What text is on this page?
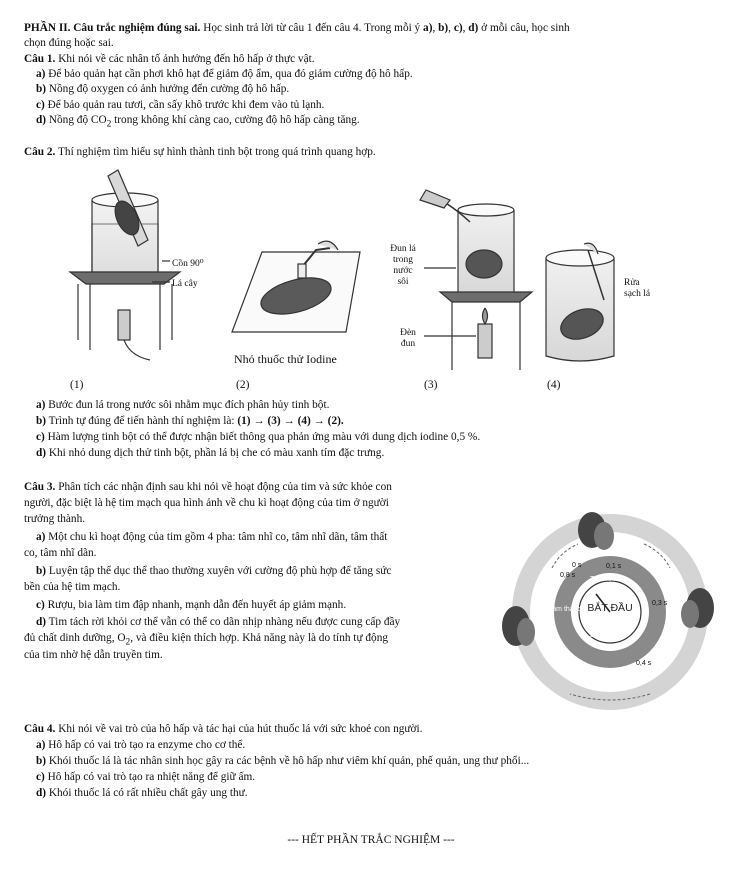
PHẦN II. Câu trắc nghiệm đúng sai. Học sinh trả lời từ câu 1 đến câu 4. Trong mỗi ý a), b), c), d) ở mỗi câu, học sinh
chọn đúng hoặc sai.
Câu 1. Khi nói về các nhân tố ảnh hưởng đến hô hấp ở thực vật.
a) Để bảo quản hạt cần phơi khô hạt để giảm độ ẩm, qua đó giảm cường độ hô hấp.
b) Nồng độ oxygen có ảnh hưởng đến cường độ hô hấp.
c) Để bảo quản rau tươi, cần sấy khô trước khi đem vào tủ lạnh.
d) Nồng độ $CO_2$ trong không khí càng cao, cường độ hô hấp càng tăng.
Câu 2. Thí nghiệm tìm hiểu sự hình thành tinh bột trong quá trình quang hợp.
Cồn 90⁰
Lá cây
Nhỏ thuốc thử Iodine
Đun lá
trong
nước
sôi
Đèn
đun
Rửa
sạch lá
(1)	(2)	(3)	(4)
a) Bước đun lá trong nước sôi nhằm mục đích phân hủy tinh bột.
b) Trình tự đúng để tiến hành thí nghiệm là: (1) → (3) → (4) → (2).
c) Hàm lượng tinh bột có thể được nhận biết thông qua phản ứng màu với dung dịch iodine 0,5 %.
d) Khi nhỏ dung dịch thử tinh bột, phần lá bị che có màu xanh tím đặc trưng.
Câu 3. Phân tích các nhận định sau khi nói về hoạt động của tim và sức khỏe con
người, đặc biệt là hệ tim mạch qua hình ảnh về chu kì hoạt động của tim ở người
trưởng thành.
a) Một chu kì hoạt động của tim gồm 4 pha: tâm nhĩ co, tâm nhĩ dãn, tâm thất
co, tâm nhĩ dãn.
b) Luyện tập thể dục thể thao thường xuyên với cường độ phù hợp để tăng sức
bền của hệ tim mạch.
c) Rượu, bia làm tim đập nhanh, mạnh dẫn đến huyết áp giảm mạnh.
d) Tim tách rời khỏi cơ thể vẫn có thể co dãn nhịp nhàng nếu được cung cấp đầy
đủ chất dinh dưỡng, $O_2$, và điều kiện thích hợp. Khả năng này là do tính tự động
của tim nhờ hệ dẫn truyền tim.
BẮT ĐẦU
Tâm nhĩ co
Dãn chung
Tâm thất co
0,1 s
0,3 s
0,4 s
0,8 s
0 s
Câu 4. Khi nói về vai trò của hô hấp và tác hại của hút thuốc lá với sức khoẻ con người.
a) Hô hấp có vai trò tạo ra enzyme cho cơ thể.
b) Khói thuốc lá là tác nhân sinh học gây ra các bệnh về hô hấp như viêm khí quản, phế quản, ung thư phổi...
c) Hô hấp có vai trò tạo ra nhiệt năng để giữ ấm.
d) Khói thuốc lá có rất nhiều chất gây ung thư.
--- HẾT PHẦN TRẮC NGHIỆM ---
